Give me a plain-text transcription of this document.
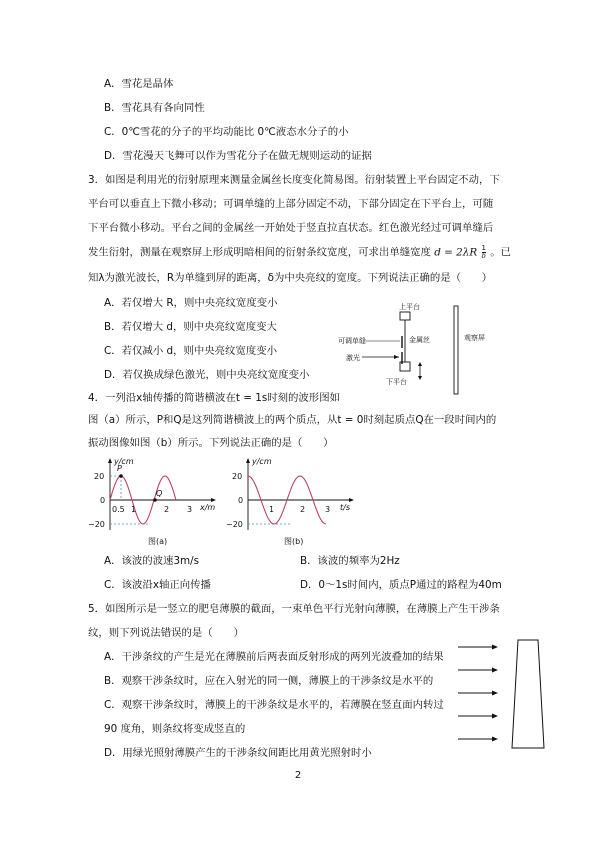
A．雪花是晶体
B．雪花具有各向同性
C．0℃雪花的分子的平均动能比 0℃液态水分子的小
D．雪花漫天飞舞可以作为雪花分子在做无规则运动的证据
3．如图是利用光的衍射原理来测量金属丝长度变化简易图。衍射装置上平台固定不动，下
平台可以垂直上下微小移动；可调单缝的上部分固定不动，下部分固定在下平台上，可随
下平台微小移动。平台之间的金属丝一开始处于竖直拉直状态。红色激光经过可调单缝后
发生衍射，测量在观察屏上形成明暗相间的衍射条纹宽度，可求出单缝宽度 $d = 2\lambda R \frac{1}{\delta}$ 。已
知λ为激光波长，R为单缝到屏的距离，δ为中央亮纹的宽度。下列说法正确的是（　　）
A．若仅增大 R，则中央亮纹宽度变小
B．若仅增大 d，则中央亮纹宽度变大
C．若仅减小 d，则中央亮纹宽度变小
D．若仅换成绿色激光，则中央亮纹宽度变小
上平台
金属丝
可调单缝
激光
下平台
观察屏
4．一列沿x轴传播的简谐横波在t = 1s时刻的波形图如
图（a）所示，P和Q是这列简谐横波上的两个质点，从t = 0时刻起质点Q在一段时间内的
振动图像如图（b）所示。下列说法正确的是（　　）
y/cm
x/m
20
0
−20
P
Q
0.5 1	2 3
图(a)
y/cm
t/s
20
0
−20
1	2 3
图(b)
A．该波的波速3m/s	B．该波的频率为2Hz
C．该波沿x轴正向传播	D．0～1s时间内，质点P通过的路程为40m
5．如图所示是一竖立的肥皂薄膜的截面，一束单色平行光射向薄膜，在薄膜上产生干涉条
纹，则下列说法错误的是（　　）
A．干涉条纹的产生是光在薄膜前后两表面反射形成的两列光波叠加的结果
B．观察干涉条纹时，应在入射光的同一侧，薄膜上的干涉条纹是水平的
C．观察干涉条纹时，薄膜上的干涉条纹是水平的，若薄膜在竖直面内转过
90 度角，则条纹将变成竖直的
D．用绿光照射薄膜产生的干涉条纹间距比用黄光照射时小
2
